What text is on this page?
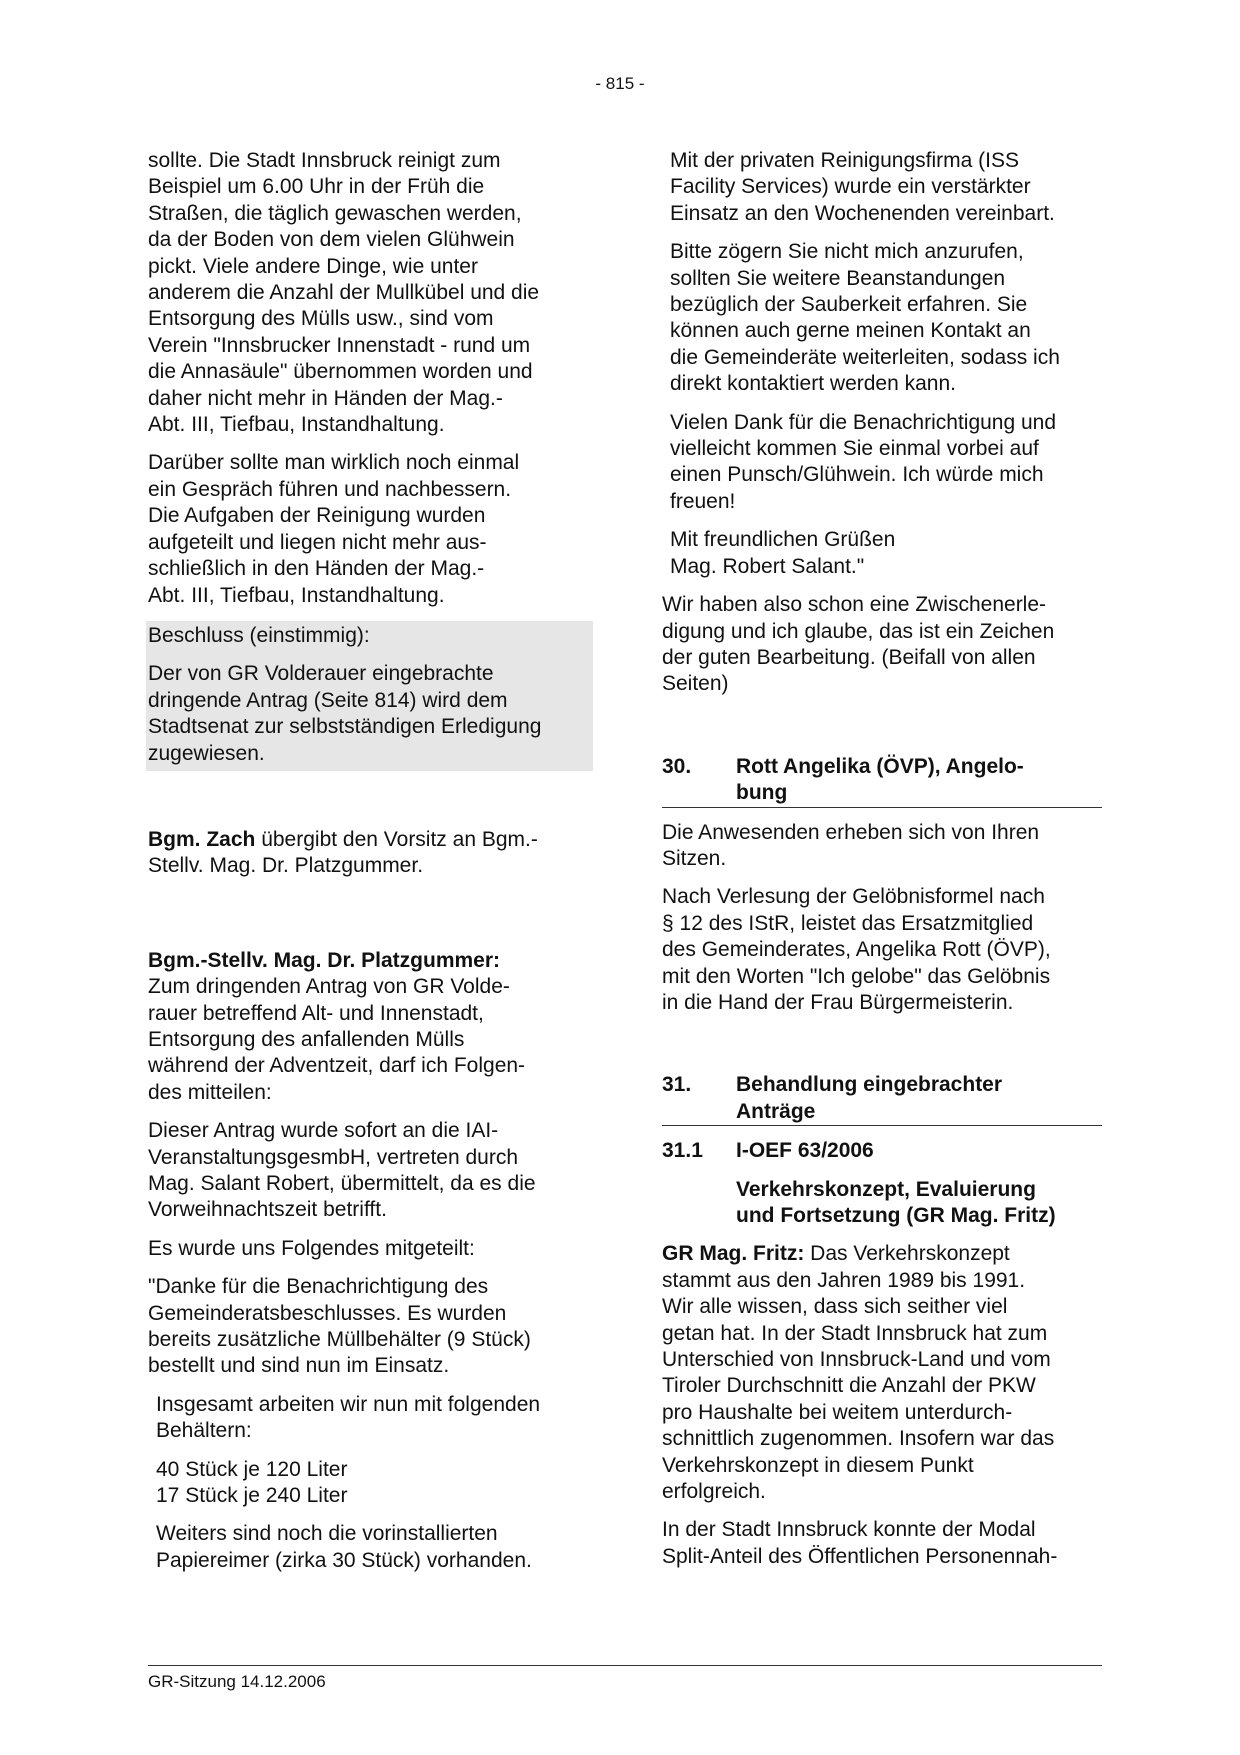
- 815 -

sollte. Die Stadt Innsbruck reinigt zum
Beispiel um 6.00 Uhr in der Früh die
Straßen, die täglich gewaschen werden,
da der Boden von dem vielen Glühwein
pickt. Viele andere Dinge, wie unter
anderem die Anzahl der Mullkübel und die
Entsorgung des Mülls usw., sind vom
Verein "Innsbrucker Innenstadt - rund um
die Annasäule" übernommen worden und
daher nicht mehr in Händen der Mag.-
Abt. III, Tiefbau, Instandhaltung.

Darüber sollte man wirklich noch einmal
ein Gespräch führen und nachbessern.
Die Aufgaben der Reinigung wurden
aufgeteilt und liegen nicht mehr aus-
schließlich in den Händen der Mag.-
Abt. III, Tiefbau, Instandhaltung.

Beschluss (einstimmig):

Der von GR Volderauer eingebrachte
dringende Antrag (Seite 814) wird dem
Stadtsenat zur selbstständigen Erledigung
zugewiesen.

Bgm. Zach übergibt den Vorsitz an Bgm.-
Stellv. Mag. Dr. Platzgummer.

Bgm.-Stellv. Mag. Dr. Platzgummer:
Zum dringenden Antrag von GR Volde-
rauer betreffend Alt- und Innenstadt,
Entsorgung des anfallenden Mülls
während der Adventzeit, darf ich Folgen-
des mitteilen:

Dieser Antrag wurde sofort an die IAI-
VeranstaltungsgesmbH, vertreten durch
Mag. Salant Robert, übermittelt, da es die
Vorweihnachtszeit betrifft.

Es wurde uns Folgendes mitgeteilt:

"Danke für die Benachrichtigung des
Gemeinderatsbeschlusses. Es wurden
bereits zusätzliche Müllbehälter (9 Stück)
bestellt und sind nun im Einsatz.

Insgesamt arbeiten wir nun mit folgenden
Behältern:

40 Stück je 120 Liter
17 Stück je 240 Liter

Weiters sind noch die vorinstallierten
Papiereimer (zirka 30 Stück) vorhanden.

Mit der privaten Reinigungsfirma (ISS
Facility Services) wurde ein verstärkter
Einsatz an den Wochenenden vereinbart.

Bitte zögern Sie nicht mich anzurufen,
sollten Sie weitere Beanstandungen
bezüglich der Sauberkeit erfahren. Sie
können auch gerne meinen Kontakt an
die Gemeinderäte weiterleiten, sodass ich
direkt kontaktiert werden kann.

Vielen Dank für die Benachrichtigung und
vielleicht kommen Sie einmal vorbei auf
einen Punsch/Glühwein. Ich würde mich
freuen!

Mit freundlichen Grüßen
Mag. Robert Salant."

Wir haben also schon eine Zwischenerle-
digung und ich glaube, das ist ein Zeichen
der guten Bearbeitung. (Beifall von allen
Seiten)

30.	Rott Angelika (ÖVP), Angelo-
bung

Die Anwesenden erheben sich von Ihren
Sitzen.

Nach Verlesung der Gelöbnisformel nach
§ 12 des IStR, leistet das Ersatzmitglied
des Gemeinderates, Angelika Rott (ÖVP),
mit den Worten "Ich gelobe" das Gelöbnis
in die Hand der Frau Bürgermeisterin.

31.	Behandlung eingebrachter
Anträge
31.1	I-OEF 63/2006

Verkehrskonzept, Evaluierung
und Fortsetzung (GR Mag. Fritz)

GR Mag. Fritz: Das Verkehrskonzept
stammt aus den Jahren 1989 bis 1991.
Wir alle wissen, dass sich seither viel
getan hat. In der Stadt Innsbruck hat zum
Unterschied von Innsbruck-Land und vom
Tiroler Durchschnitt die Anzahl der PKW
pro Haushalte bei weitem unterdurch-
schnittlich zugenommen. Insofern war das
Verkehrskonzept in diesem Punkt
erfolgreich.

In der Stadt Innsbruck konnte der Modal
Split-Anteil des Öffentlichen Personennah-

GR-Sitzung 14.12.2006
